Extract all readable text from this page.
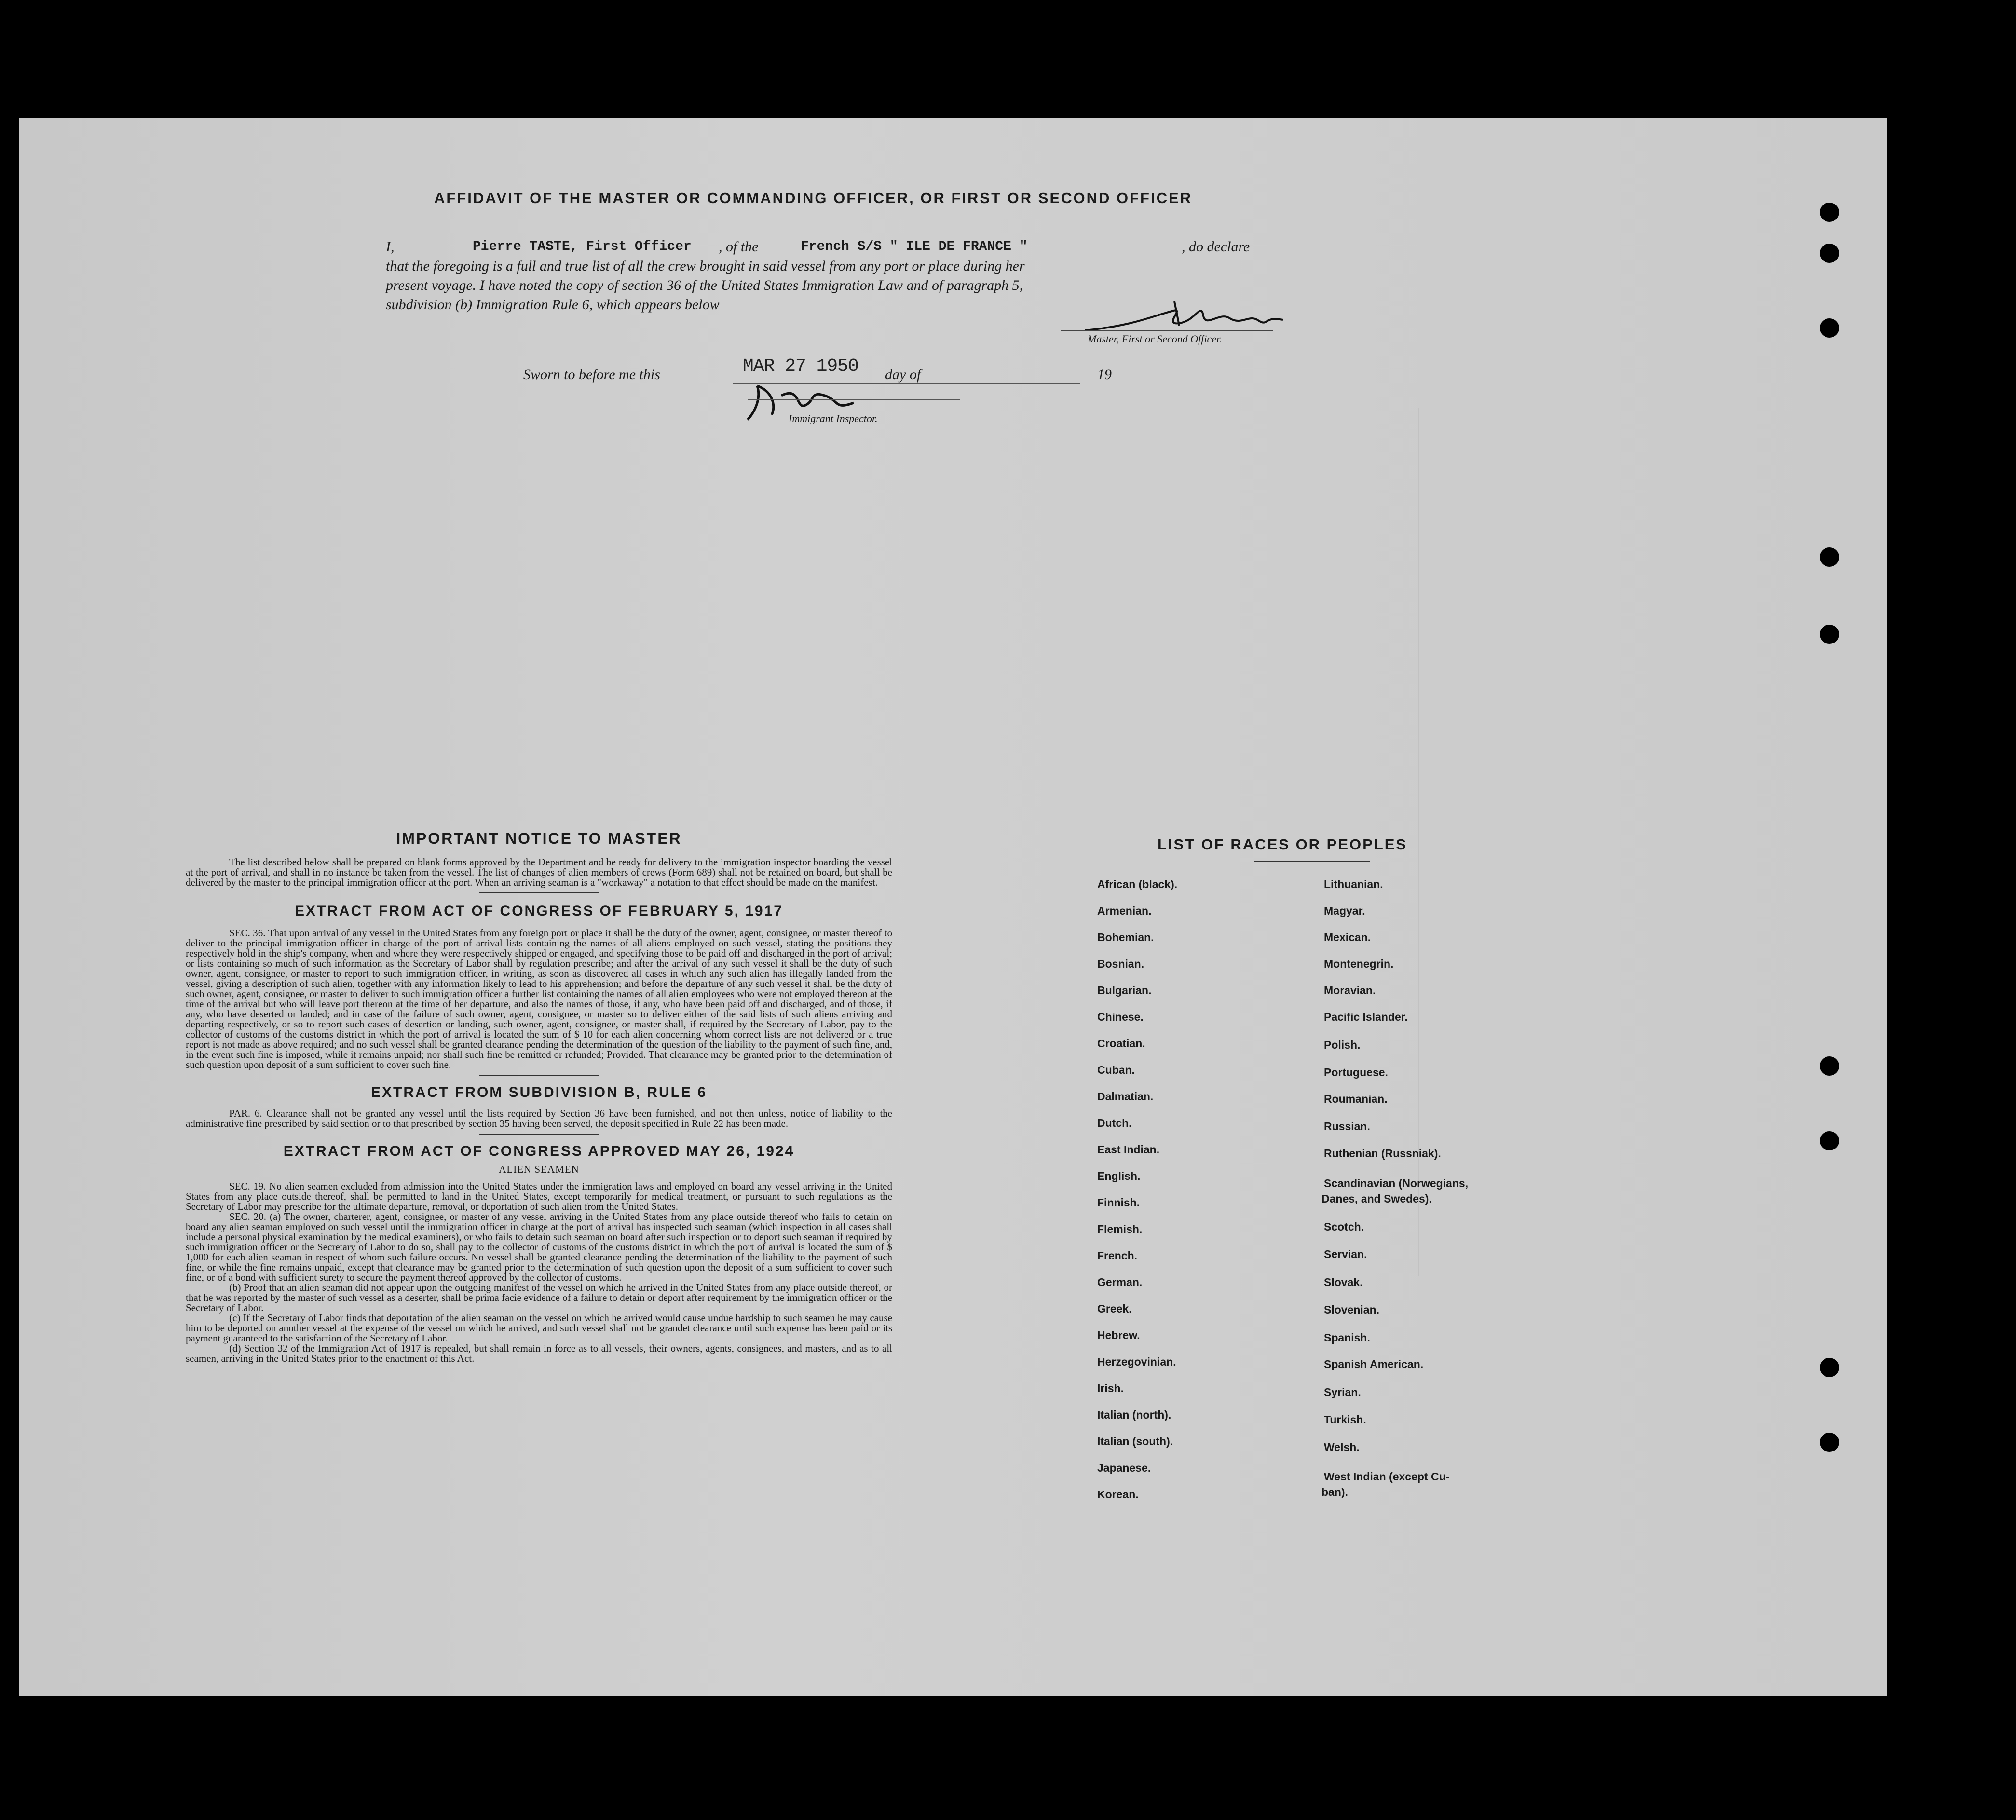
AFFIDAVIT OF THE MASTER OR COMMANDING OFFICER, OR FIRST OR SECOND OFFICER
I,	Pierre TASTE, First Officer , of the	French S/S " ILE DE FRANCE "	, do declare
that the foregoing is a full and true list of all the crew brought in said vessel from any port or place during her
present voyage. I have noted the copy of section 36 of the United States Immigration Law and of paragraph 5,
subdivision (b) Immigration Rule 6, which appears below
Master, First or Second Officer.
Sworn to before me this	MAR 27 1950 day of	19
Immigrant Inspector.
IMPORTANT NOTICE TO MASTER

The list described below shall be prepared on blank forms approved by the Department and be ready for delivery to the immigration inspector boarding the vessel at the port of arrival, and shall in no instance be taken from the vessel. The list of changes of alien members of crews (Form 689) shall not be retained on board, but shall be delivered by the master to the principal immigration officer at the port. When an arriving seaman is a "workaway" a notation to that effect should be made on the manifest.

EXTRACT FROM ACT OF CONGRESS OF FEBRUARY 5, 1917

SEC. 36. That upon arrival of any vessel in the United States from any foreign port or place it shall be the duty of the owner, agent, consignee, or master thereof to deliver to the principal immigration officer in charge of the port of arrival lists containing the names of all aliens employed on such vessel, stating the positions they respectively hold in the ship's company, when and where they were respectively shipped or engaged, and specifying those to be paid off and discharged in the port of arrival; or lists containing so much of such information as the Secretary of Labor shall by regulation prescribe; and after the arrival of any such vessel it shall be the duty of such owner, agent, consignee, or master to report to such immigration officer, in writing, as soon as discovered all cases in which any such alien has illegally landed from the vessel, giving a description of such alien, together with any information likely to lead to his apprehension; and before the departure of any such vessel it shall be the duty of such owner, agent, consignee, or master to deliver to such immigration officer a further list containing the names of all alien employees who were not employed thereon at the time of the arrival but who will leave port thereon at the time of her departure, and also the names of those, if any, who have been paid off and discharged, and of those, if any, who have deserted or landed; and in case of the failure of such owner, agent, consignee, or master so to deliver either of the said lists of such aliens arriving and departing respectively, or so to report such cases of desertion or landing, such owner, agent, consignee, or master shall, if required by the Secretary of Labor, pay to the collector of customs of the customs district in which the port of arrival is located the sum of $ 10 for each alien concerning whom correct lists are not delivered or a true report is not made as above required; and no such vessel shall be granted clearance pending the determination of the question of the liability to the payment of such fine, and, in the event such fine is imposed, while it remains unpaid; nor shall such fine be remitted or refunded; Provided. That clearance may be granted prior to the determination of such question upon deposit of a sum sufficient to cover such fine.

EXTRACT FROM SUBDIVISION B, RULE 6

PAR. 6. Clearance shall not be granted any vessel until the lists required by Section 36 have been furnished, and not then unless, notice of liability to the administrative fine prescribed by said section or to that prescribed by section 35 having been served, the deposit specified in Rule 22 has been made.

EXTRACT FROM ACT OF CONGRESS APPROVED MAY 26, 1924
ALIEN SEAMEN

SEC. 19. No alien seamen excluded from admission into the United States under the immigration laws and employed on board any vessel arriving in the United States from any place outside thereof, shall be permitted to land in the United States, except temporarily for medical treatment, or pursuant to such regulations as the Secretary of Labor may prescribe for the ultimate departure, removal, or deportation of such alien from the United States.

SEC. 20. (a) The owner, charterer, agent, consignee, or master of any vessel arriving in the United States from any place outside thereof who fails to detain on board any alien seaman employed on such vessel until the immigration officer in charge at the port of arrival has inspected such seaman (which inspection in all cases shall include a personal physical examination by the medical examiners), or who fails to detain such seaman on board after such inspection or to deport such seaman if required by such immigration officer or the Secretary of Labor to do so, shall pay to the collector of customs of the customs district in which the port of arrival is located the sum of $ 1,000 for each alien seaman in respect of whom such failure occurs. No vessel shall be granted clearance pending the determination of the liability to the payment of such fine, or while the fine remains unpaid, except that clearance may be granted prior to the determination of such question upon the deposit of a sum sufficient to cover such fine, or of a bond with sufficient surety to secure the payment thereof approved by the collector of customs.

(b) Proof that an alien seaman did not appear upon the outgoing manifest of the vessel on which he arrived in the United States from any place outside thereof, or that he was reported by the master of such vessel as a deserter, shall be prima facie evidence of a failure to detain or deport after requirement by the immigration officer or the Secretary of Labor.

(c) If the Secretary of Labor finds that deportation of the alien seaman on the vessel on which he arrived would cause undue hardship to such seamen he may cause him to be deported on another vessel at the expense of the vessel on which he arrived, and such vessel shall not be grandet clearance until such expense has been paid or its payment guaranteed to the satisfaction of the Secretary of Labor.

(d) Section 32 of the Immigration Act of 1917 is repealed, but shall remain in force as to all vessels, their owners, agents, consignees, and masters, and as to all seamen, arriving in the United States prior to the enactment of this Act.

LIST OF RACES OR PEOPLES
African (black).
Armenian.
Bohemian.
Bosnian.
Bulgarian.
Chinese.
Croatian.
Cuban.
Dalmatian.
Dutch.
East Indian.
English.
Finnish.
Flemish.
French.
German.
Greek.
Hebrew.
Herzegovinian.
Irish.
Italian (north).
Italian (south).
Japanese.
Korean.
Lithuanian.
Magyar.
Mexican.
Montenegrin.
Moravian.
Pacific Islander.
Polish.
Portuguese.
Roumanian.
Russian.
Ruthenian (Russniak).
Scandinavian (Norwegians,
Danes, and Swedes).
Scotch.
Servian.
Slovak.
Slovenian.
Spanish.
Spanish American.
Syrian.
Turkish.
Welsh.
West Indian (except Cu-
ban).
